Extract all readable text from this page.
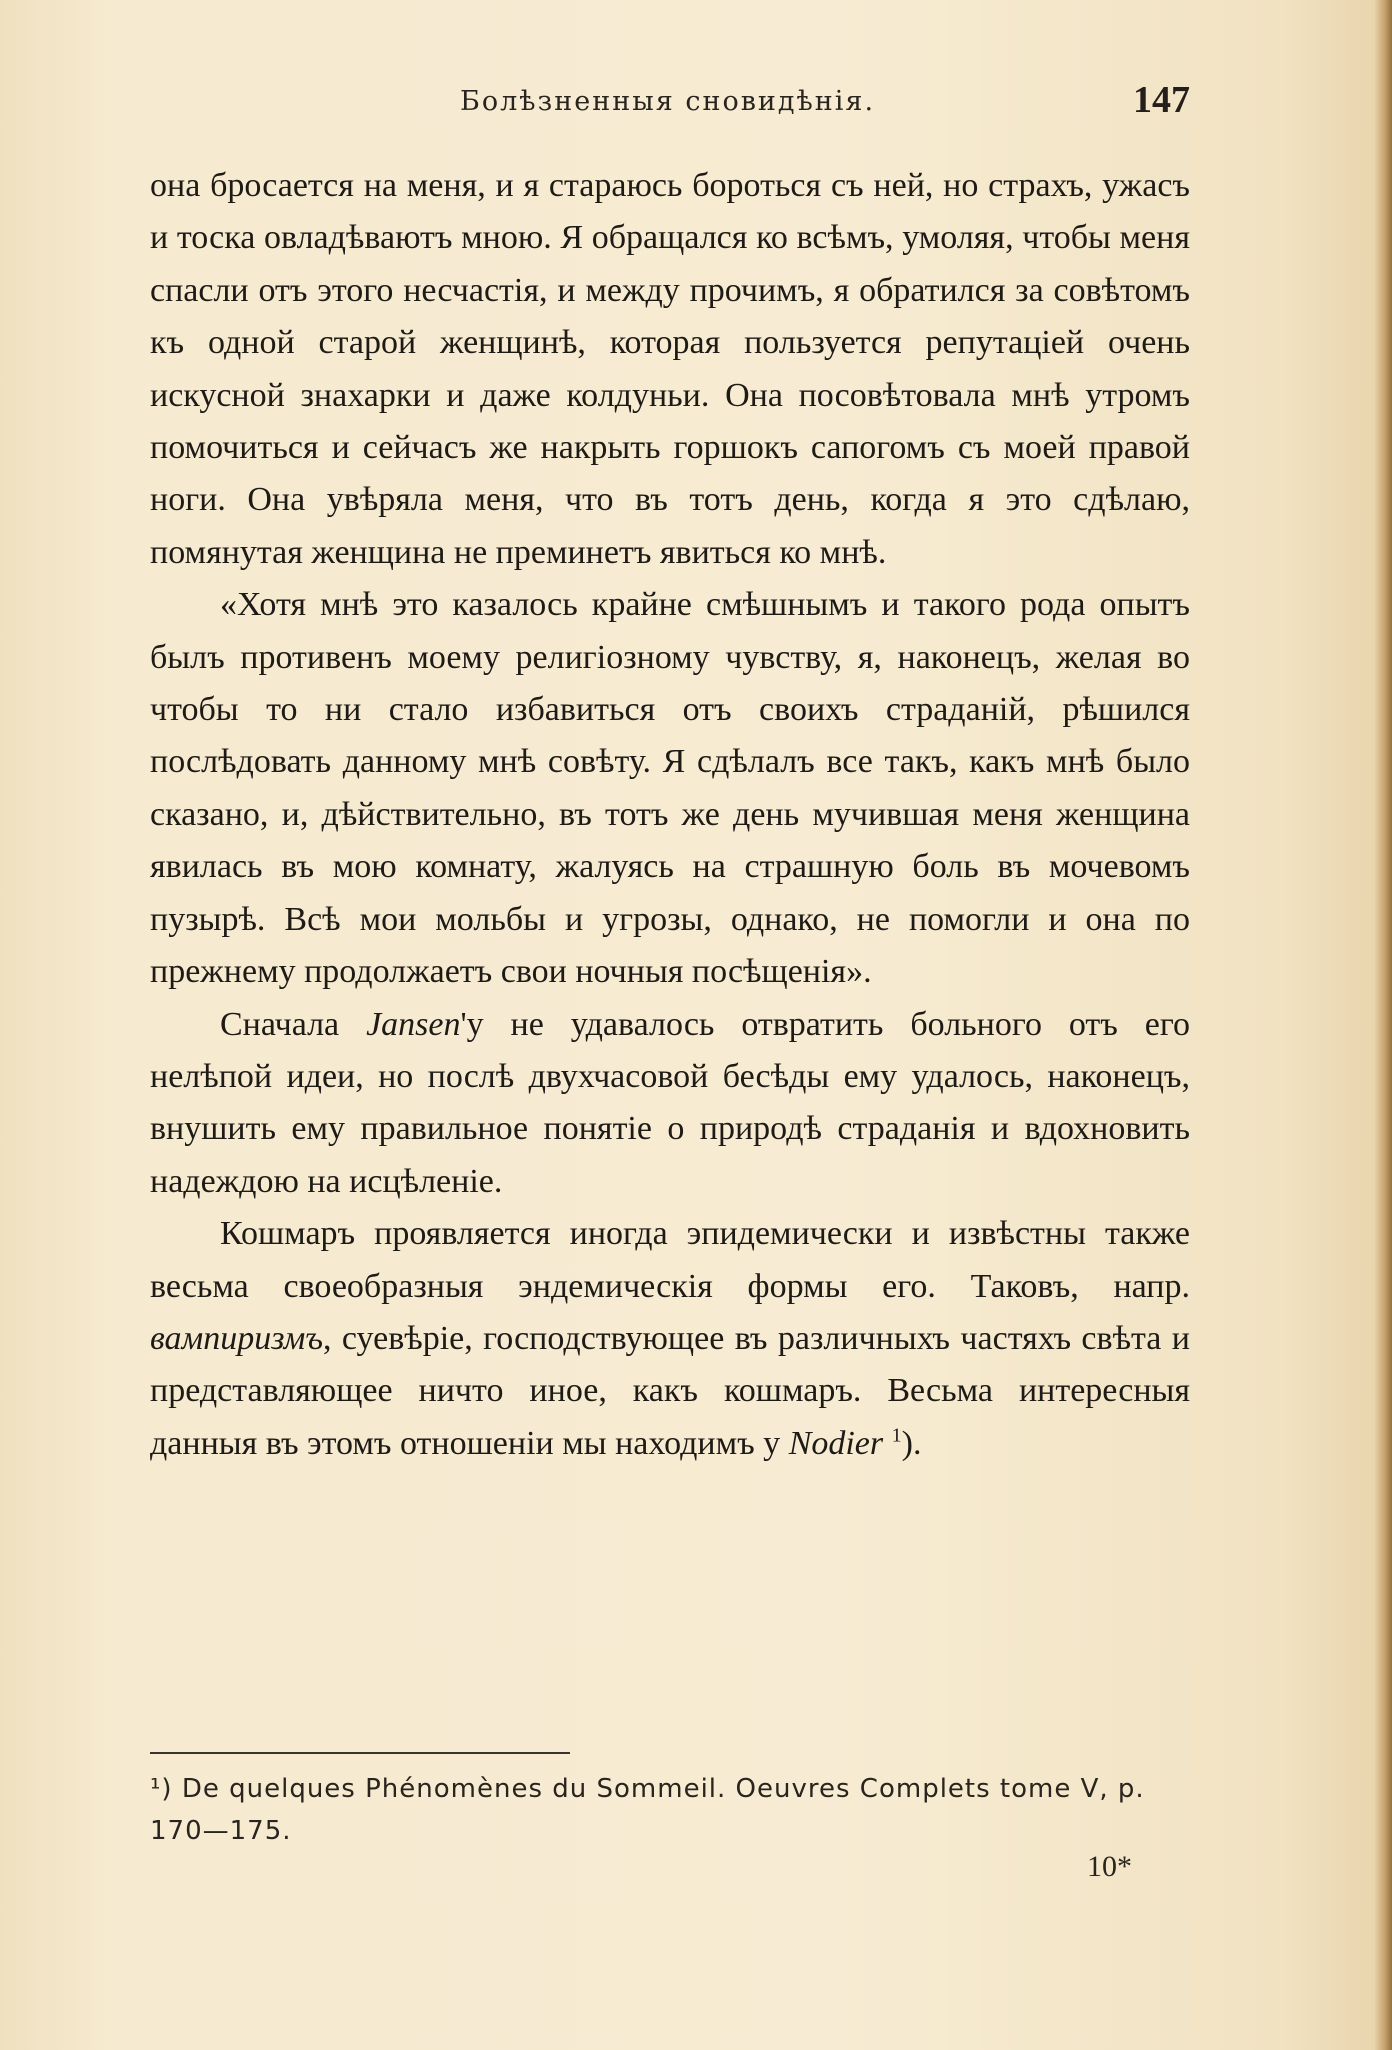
Болѣзненныя сновидѣнія.	147

она бросается на меня, и я стараюсь бороться съ ней, но страхъ, ужасъ и тоска овладѣваютъ мною. Я обращался ко всѣмъ, умоляя, чтобы меня спасли отъ этого несчастія, и между прочимъ, я обратился за совѣтомъ къ одной старой женщинѣ, которая пользуется репутаціей очень искусной знахарки и даже колдуньи. Она посовѣтовала мнѣ утромъ помочиться и сейчасъ же накрыть горшокъ сапогомъ съ моей правой ноги. Она увѣряла меня, что въ тотъ день, когда я это сдѣлаю, помянутая женщина не преминетъ явиться ко мнѣ.

«Хотя мнѣ это казалось крайне смѣшнымъ и такого рода опытъ былъ противенъ моему религіозному чувству, я, наконецъ, желая во чтобы то ни стало избавиться отъ своихъ страданій, рѣшился послѣдовать данному мнѣ совѣту. Я сдѣлалъ все такъ, какъ мнѣ было сказано, и, дѣйствительно, въ тотъ же день мучившая меня женщина явилась въ мою комнату, жалуясь на страшную боль въ мочевомъ пузырѣ. Всѣ мои мольбы и угрозы, однако, не помогли и она по прежнему продолжаетъ свои ночныя посѣщенія».

Сначала Jansen'у не удавалось отвратить больного отъ его нелѣпой идеи, но послѣ двухчасовой бесѣды ему удалось, наконецъ, внушить ему правильное понятіе о природѣ страданія и вдохновить надеждою на исцѣленіе.

Кошмаръ проявляется иногда эпидемически и извѣстны также весьма своеобразныя эндемическія формы его. Таковъ, напр. вампиризмъ, суевѣріе, господствующее въ различныхъ частяхъ свѣта и представляющее ничто иное, какъ кошмаръ. Весьма интересныя данныя въ этомъ отношеніи мы находимъ у Nodier $^1$).

¹) De quelques Phénomènes du Sommeil. Oeuvres Complets tome V, p. 170—175.
10*
